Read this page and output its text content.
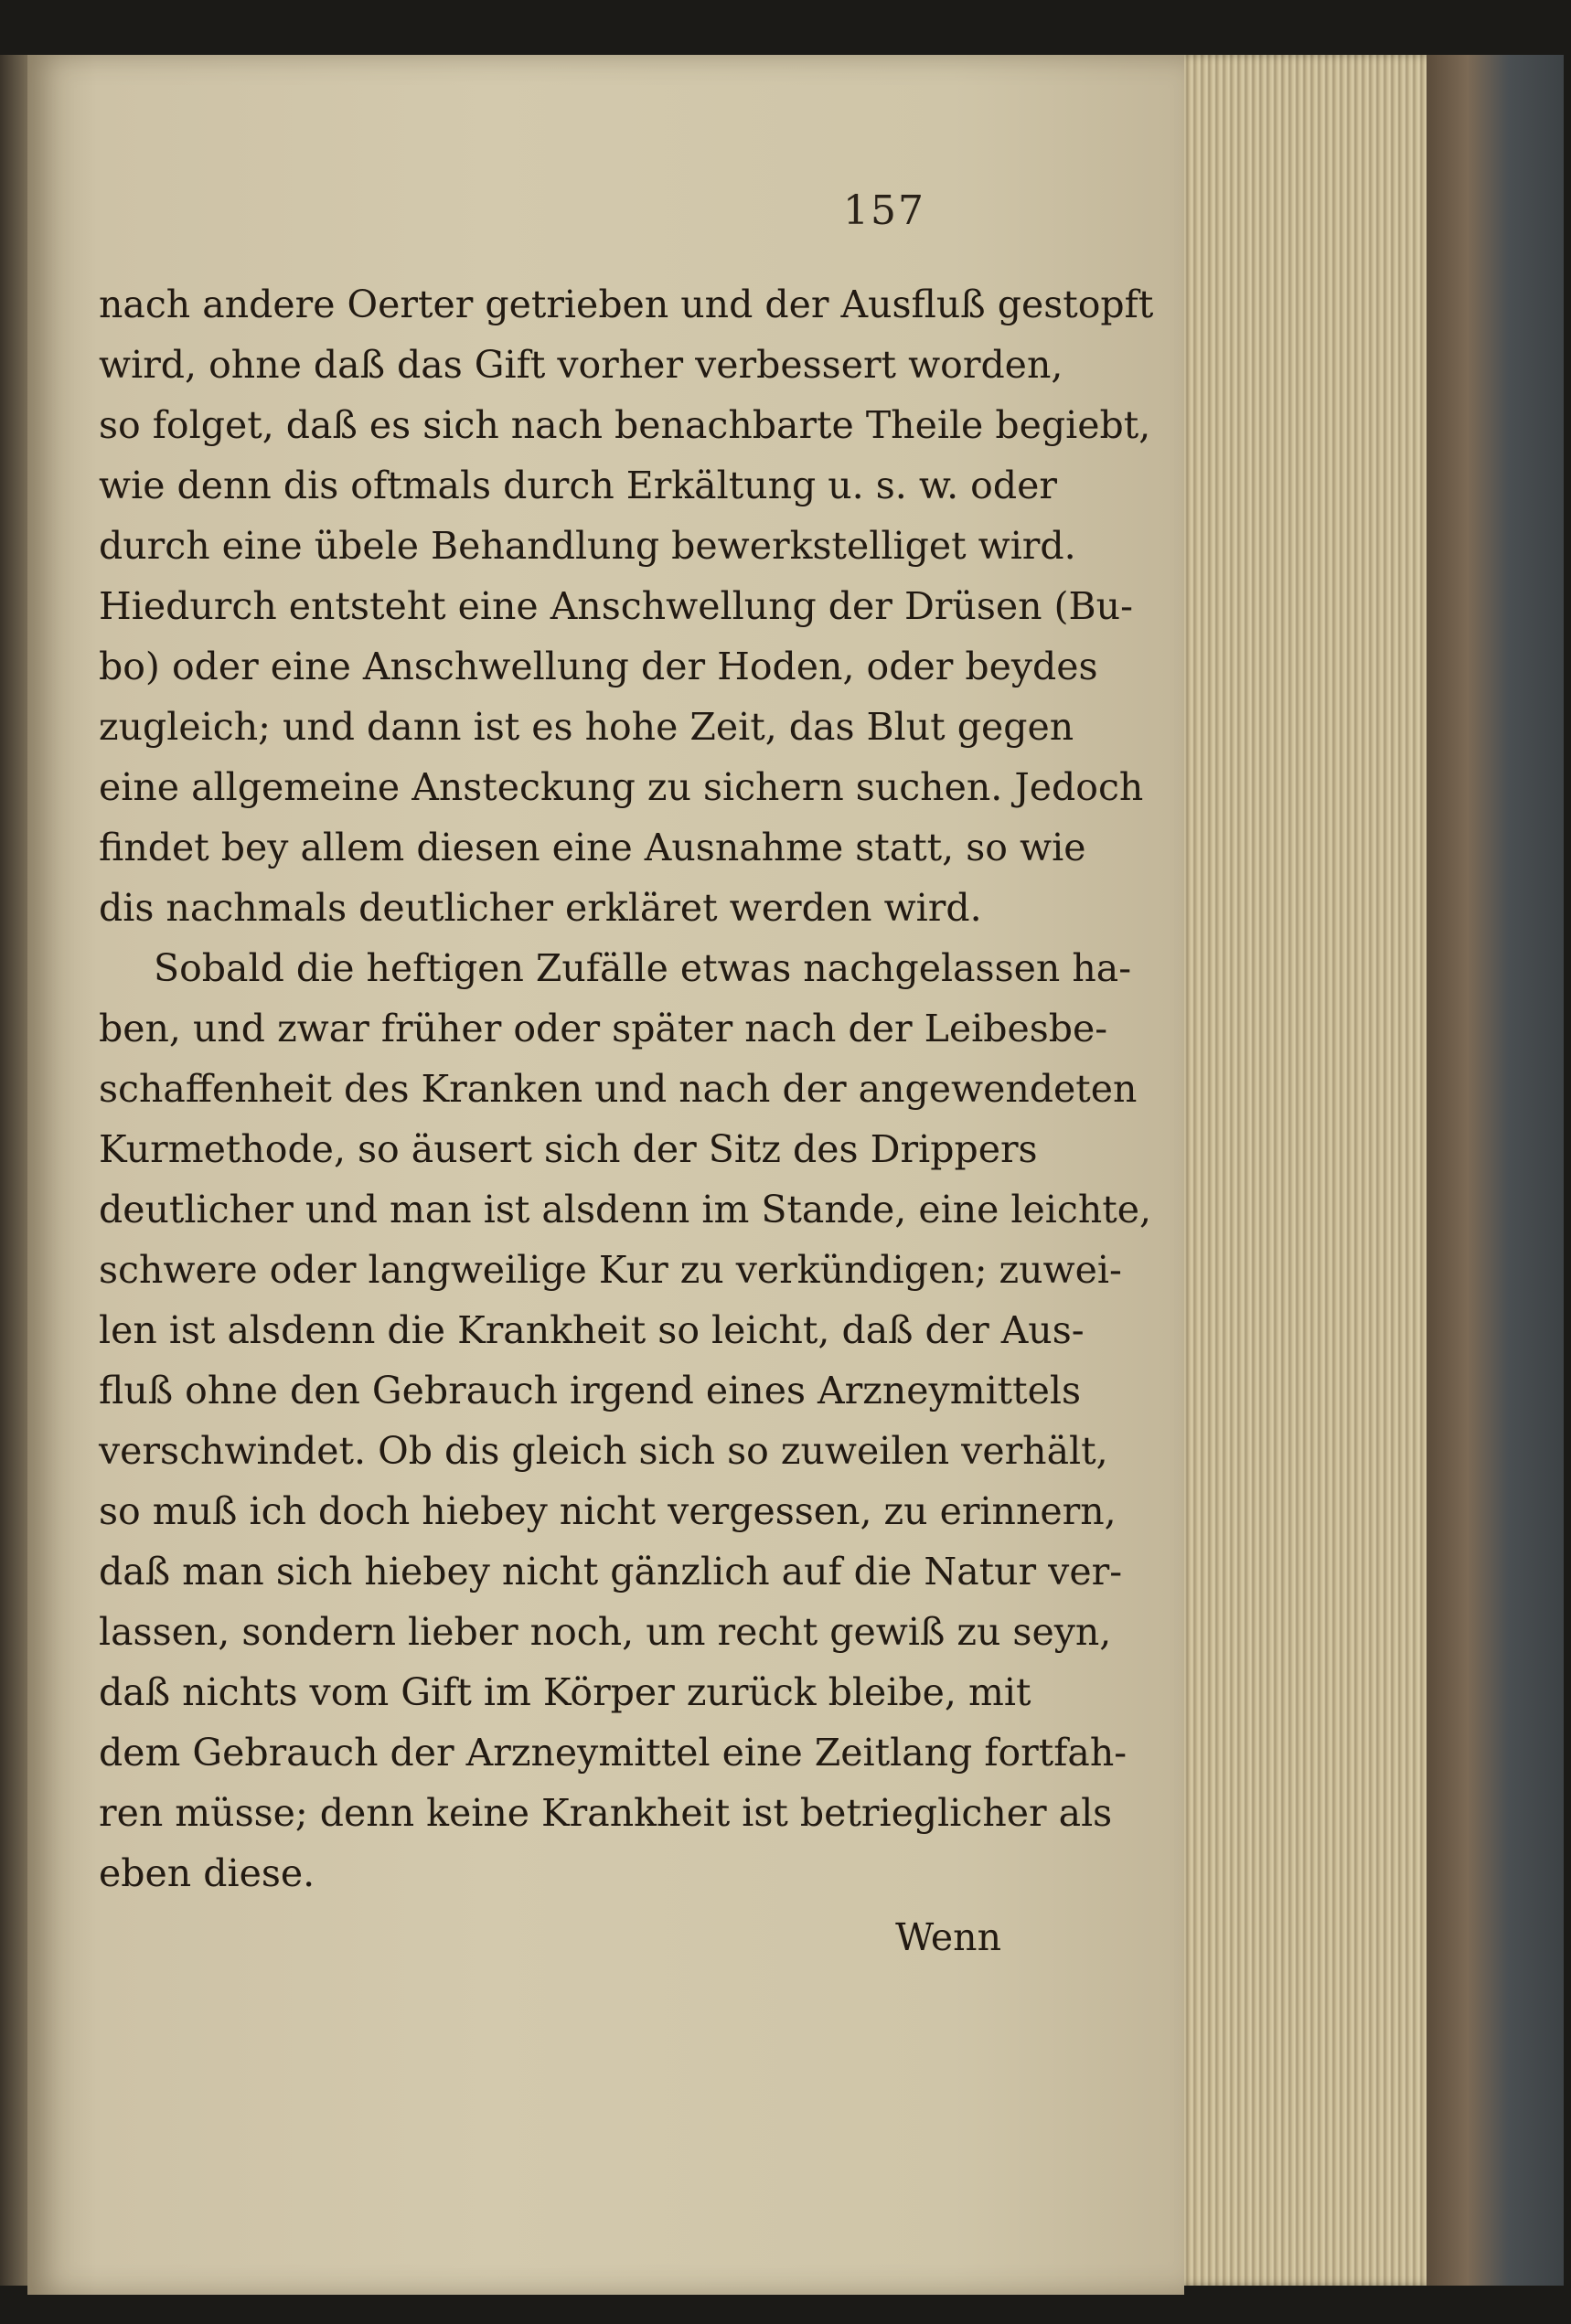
157
nach andere Oerter getrieben und der Ausfluß gestopft
wird, ohne daß das Gift vorher verbessert worden,
so folget, daß es sich nach benachbarte Theile begiebt,
wie denn dis oftmals durch Erkältung u. s. w. oder
durch eine übele Behandlung bewerkstelliget wird.
Hiedurch entsteht eine Anschwellung der Drüsen (Bu-
bo) oder eine Anschwellung der Hoden, oder beydes
zugleich; und dann ist es hohe Zeit, das Blut gegen
eine allgemeine Ansteckung zu sichern suchen. Jedoch
findet bey allem diesen eine Ausnahme statt, so wie
dis nachmals deutlicher erkläret werden wird.
Sobald die heftigen Zufälle etwas nachgelassen ha-
ben, und zwar früher oder später nach der Leibesbe-
schaffenheit des Kranken und nach der angewendeten
Kurmethode, so äusert sich der Sitz des Drippers
deutlicher und man ist alsdenn im Stande, eine leichte,
schwere oder langweilige Kur zu verkündigen; zuwei-
len ist alsdenn die Krankheit so leicht, daß der Aus-
fluß ohne den Gebrauch irgend eines Arzneymittels
verschwindet. Ob dis gleich sich so zuweilen verhält,
so muß ich doch hiebey nicht vergessen, zu erinnern,
daß man sich hiebey nicht gänzlich auf die Natur ver-
lassen, sondern lieber noch, um recht gewiß zu seyn,
daß nichts vom Gift im Körper zurück bleibe, mit
dem Gebrauch der Arzneymittel eine Zeitlang fortfah-
ren müsse; denn keine Krankheit ist betrieglicher als
eben diese.
Wenn
